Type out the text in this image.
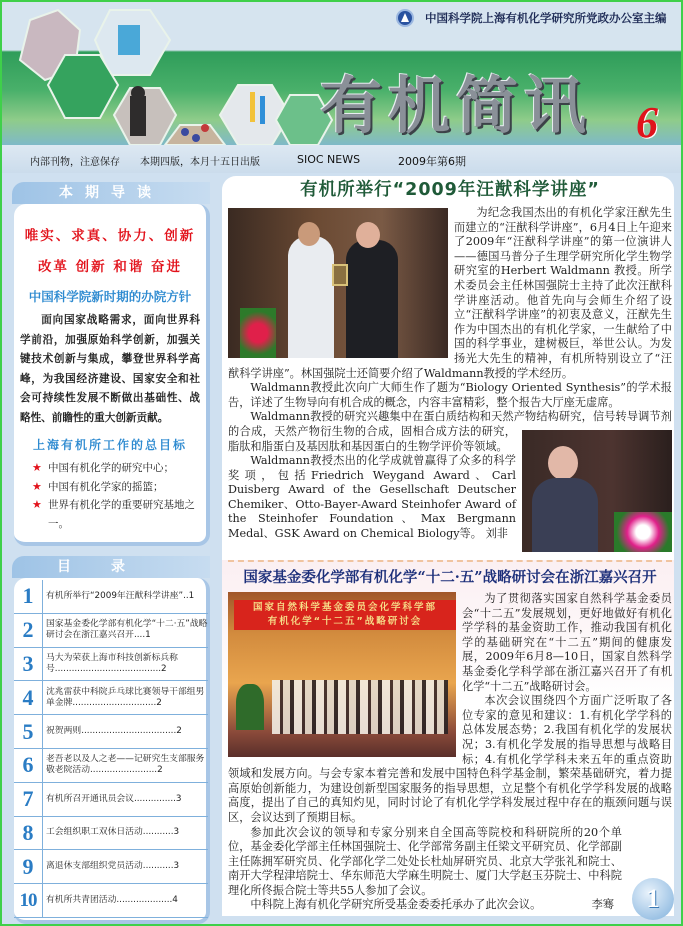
中国科学院上海有机化学研究所党政办公室主编
有机简讯
内部刊物，注意保存 本期四版，本月十五日出版	SIOC NEWS	2009年第6期
6
本期导读
唯实、求真、协力、创新
改革 创新 和谐 奋进
中国科学院新时期的办院方针
面向国家战略需求，面向世界科学前沿，加强原始科学创新，加强关键技术创新与集成，攀登世界科学高峰，为我国经济建设、国家安全和社会可持续性发展不断做出基础性、战略性、前瞻性的重大创新贡献。
上海有机所工作的总目标
★ 中国有机化学的研究中心；
★ 中国有机化学家的摇篮；
★ 世界有机化学的重要研究基地之一。
目录
1	有机所举行“2009年汪猷科学讲座”..1
2	国家基金委化学部有机化学“十二·五”战略研讨会在浙江嘉兴召开....1
3	马大为荣获上海市科技创新标兵称号......................................2
4	沈兆雷获中科院乒乓球比赛领导干部组男单金牌..............................2
5	祝贺两则..................................2
6	老吾老以及人之老——记研究生支部服务敬老院活动........................2
7	有机所召开通讯员会议...............3
8	工会组织职工双休日活动...........3
9	离退休支部组织党员活动...........3
10	有机所共青团活动....................4
有机所举行“2009年汪猷科学讲座”

为纪念我国杰出的有机化学家汪猷先生而建立的“汪猷科学讲座”，6月4日上午迎来了2009年“汪猷科学讲座”的第一位演讲人——德国马普分子生理学研究所化学生物学研究室的Herbert Waldmann 教授。所学术委员会主任林国强院士主持了此次汪猷科学讲座活动。他首先向与会师生介绍了设立“汪猷科学讲座”的初衷及意义，汪猷先生作为中国杰出的有机化学家，一生献给了中国的科学事业，建树极巨，举世公认。为发扬光大先生的精神，有机所特别设立了“汪猷科学讲座”。林国强院士还简要介绍了Waldmann教授的学术经历。

Waldmann教授此次向广大师生作了题为“Biology Oriented Synthesis”的学术报告，详述了生物导向有机合成的概念，内容丰富精彩，整个报告大厅座无虚席。

Waldmann教授的研究兴趣集中在蛋白质结构和天然产物结构研究，信号转导调节剂的合成，天然产物衍生物的合成，固相合成方法的研究，脂肽和脂蛋白及基因肽和基因蛋白的生物学评价等领域。

Waldmann教授杰出的化学成就曾赢得了众多的科学奖项，包括Friedrich Weygand Award、Carl Duisberg Award of the Gesellschaft Deutscher Chemiker、Otto-Bayer-Award Steinhofer Award of the Steinhofer Foundation、Max Bergmann Medal、GSK Award on Chemical Biology等。 刘非

国家基金委化学部有机化学“十二·五”战略研讨会在浙江嘉兴召开
国家自然科学基金委员会化学科学部
有机化学“十二五”战略研讨会

为了贯彻落实国家自然科学基金委员会“十二五”发展规划，更好地做好有机化学学科的基金资助工作，推动我国有机化学的基础研究在“十二五”期间的健康发展，2009年6月8—10日，国家自然科学基金委化学科学部在浙江嘉兴召开了有机化学“十二五”战略研讨会。

本次会议围绕四个方面广泛听取了各位专家的意见和建议：1.有机化学学科的总体发展态势；2.我国有机化学的发展状况；3.有机化学发展的指导思想与战略目标；4.有机化学学科未来五年的重点资助领域和发展方向。与会专家本着完善和发展中国特色科学基金制，繁荣基础研究，着力提高原始创新能力，为建设创新型国家服务的指导思想，立足整个有机化学学科发展的战略高度，提出了自己的真知灼见，同时讨论了有机化学学科发展过程中存在的瓶颈问题与误区，会议达到了预期目标。

参加此次会议的领导和专家分别来自全国高等院校和科研院所的20个单位，基金委化学部主任林国强院士、化学部常务副主任梁文平研究员、化学部副主任陈拥军研究员、化学部化学二处处长杜灿屏研究员、北京大学张礼和院士、南开大学程津培院士、华东师范大学麻生明院士、厦门大学赵玉芬院士、中科院理化所佟振合院士等共55人参加了会议。

中科院上海有机化学研究所受基金委委托承办了此次会议。	李骞	1
